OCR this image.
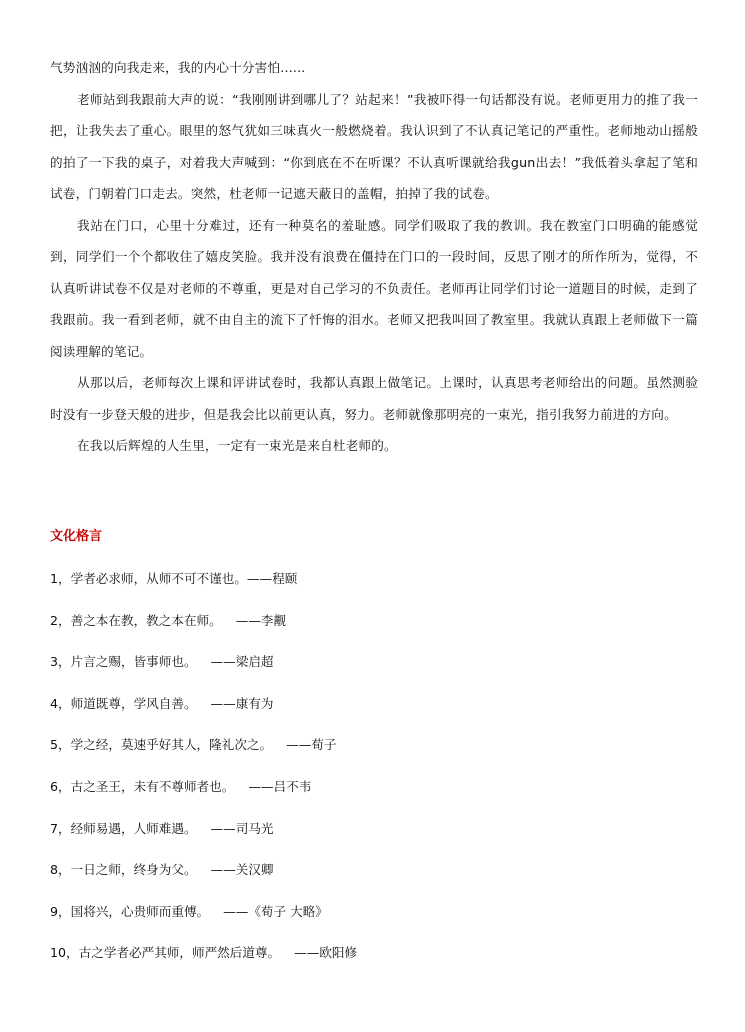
气势汹汹的向我走来，我的内心十分害怕......

老师站到我跟前大声的说：“我刚刚讲到哪儿了？站起来！”我被吓得一句话都没有说。老师更用力的推了我一把，让我失去了重心。眼里的怒气犹如三味真火一般燃烧着。我认识到了不认真记笔记的严重性。老师地动山摇般的拍了一下我的桌子，对着我大声喊到：“你到底在不在听课？不认真听课就给我gun出去！”我低着头拿起了笔和试卷，门朝着门口走去。突然，杜老师一记遮天蔽日的盖帽，拍掉了我的试卷。

我站在门口，心里十分难过，还有一种莫名的羞耻感。同学们吸取了我的教训。我在教室门口明确的能感觉到，同学们一个个都收住了嬉皮笑脸。我并没有浪费在僵持在门口的一段时间，反思了刚才的所作所为，觉得，不认真听讲试卷不仅是对老师的不尊重，更是对自己学习的不负责任。老师再让同学们讨论一道题目的时候，走到了我跟前。我一看到老师，就不由自主的流下了忏悔的泪水。老师又把我叫回了教室里。我就认真跟上老师做下一篇阅读理解的笔记。

从那以后，老师每次上课和评讲试卷时，我都认真跟上做笔记。上课时，认真思考老师给出的问题。虽然测验时没有一步登天般的进步，但是我会比以前更认真，努力。老师就像那明亮的一束光，指引我努力前进的方向。

在我以后辉煌的人生里，一定有一束光是来自杜老师的。

文化格言
1 ， 学者必求师，从师不可不谨也。——程颐
2 ， 善之本在教，教之本在师。 ——李觏
3 ， 片言之赐，皆事师也。 ——梁启超
4 ， 师道既尊，学风自善。 ——康有为
5 ， 学之经，莫速乎好其人，隆礼次之。 ——荀子
6 ， 古之圣王，未有不尊师者也。 ——吕不韦
7 ， 经师易遇，人师难遇。 ——司马光
8 ， 一日之师，终身为父。 ——关汉卿
9 ， 国将兴，心贵师而重傅。 ——《荀子 大略》
10 ， 古之学者必严其师，师严然后道尊。 ——欧阳修
